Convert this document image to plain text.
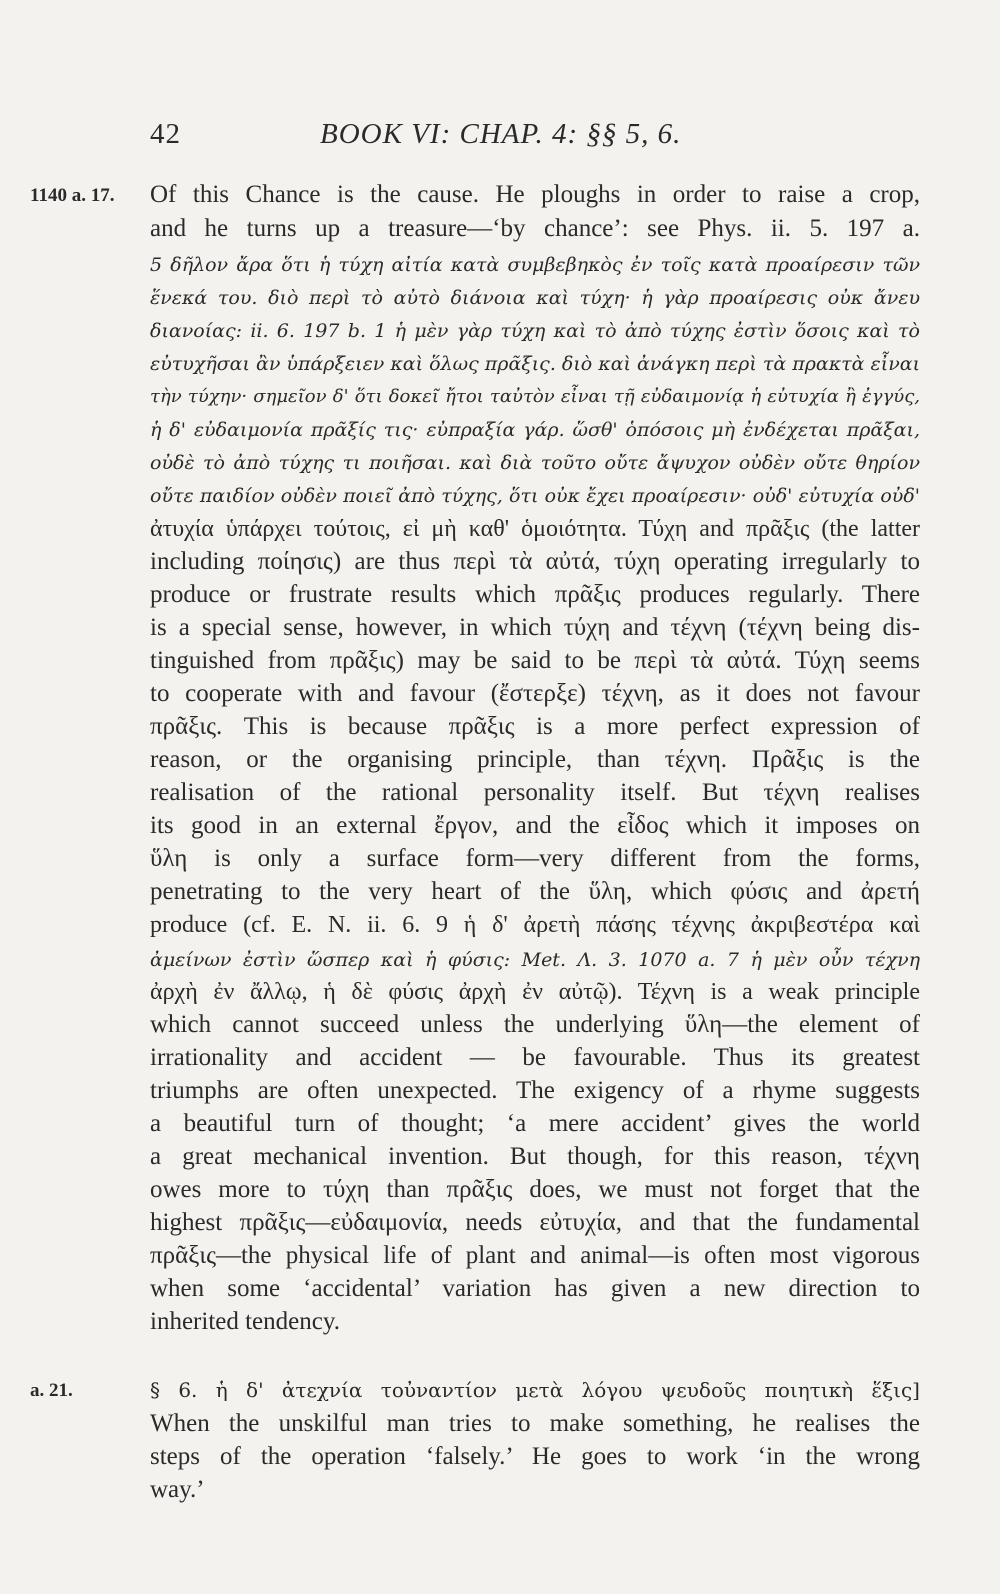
42	BOOK VI: CHAP. 4: §§ 5, 6.
1140 a. 17. Of this Chance is the cause. He ploughs in order to raise a crop,
and he turns up a treasure—‘by chance’: see Phys. ii. 5. 197 a.
5 δῆλον ἄρα ὅτι ἡ τύχη αἰτία κατὰ συμβεβηκὸς ἐν τοῖς κατὰ προαίρεσιν τῶν
ἕνεκά του. διὸ περὶ τὸ αὐτὸ διάνοια καὶ τύχη· ἡ γὰρ προαίρεσις οὐκ ἄνευ
διανοίας: ii. 6. 197 b. 1 ἡ μὲν γὰρ τύχη καὶ τὸ ἀπὸ τύχης ἐστὶν ὅσοις καὶ τὸ
εὐτυχῆσαι ἂν ὑπάρξειεν καὶ ὅλως πρᾶξις. διὸ καὶ ἀνάγκη περὶ τὰ πρακτὰ εἶναι
τὴν τύχην· σημεῖον δ' ὅτι δοκεῖ ἤτοι ταὐτὸν εἶναι τῇ εὐδαιμονίᾳ ἡ εὐτυχία ἢ ἐγγύς,
ἡ δ' εὐδαιμονία πρᾶξίς τις· εὐπραξία γάρ. ὥσθ' ὁπόσοις μὴ ἐνδέχεται πρᾶξαι,
οὐδὲ τὸ ἀπὸ τύχης τι ποιῆσαι. καὶ διὰ τοῦτο οὔτε ἄψυχον οὐδὲν οὔτε θηρίον
οὔτε παιδίον οὐδὲν ποιεῖ ἀπὸ τύχης, ὅτι οὐκ ἔχει προαίρεσιν· οὐδ' εὐτυχία οὐδ'
ἀτυχία ὑπάρχει τούτοις, εἰ μὴ καθ' ὁμοιότητα. Τύχη and πρᾶξις (the latter
including ποίησις) are thus περὶ τὰ αὐτά, τύχη operating irregularly to
produce or frustrate results which πρᾶξις produces regularly. There
is a special sense, however, in which τύχη and τέχνη (τέχνη being dis-
tinguished from πρᾶξις) may be said to be περὶ τὰ αὐτά. Τύχη seems
to cooperate with and favour (ἔστερξε) τέχνη, as it does not favour
πρᾶξις. This is because πρᾶξις is a more perfect expression of
reason, or the organising principle, than τέχνη. Πρᾶξις is the
realisation of the rational personality itself. But τέχνη realises
its good in an external ἔργον, and the εἶδος which it imposes on
ὕλη is only a surface form—very different from the forms,
penetrating to the very heart of the ὕλη, which φύσις and ἀρετή
produce (cf. E. N. ii. 6. 9 ἡ δ' ἀρετὴ πάσης τέχνης ἀκριβεστέρα καὶ
ἀμείνων ἐστὶν ὥσπερ καὶ ἡ φύσις: Met. Λ. 3. 1070 a. 7 ἡ μὲν οὖν τέχνη
ἀρχὴ ἐν ἄλλῳ, ἡ δὲ φύσις ἀρχὴ ἐν αὐτῷ). Τέχνη is a weak principle
which cannot succeed unless the underlying ὕλη—the element of
irrationality and accident — be favourable. Thus its greatest
triumphs are often unexpected. The exigency of a rhyme suggests
a beautiful turn of thought; ‘a mere accident’ gives the world
a great mechanical invention. But though, for this reason, τέχνη
owes more to τύχη than πρᾶξις does, we must not forget that the
highest πρᾶξις—εὐδαιμονία, needs εὐτυχία, and that the fundamental
πρᾶξις—the physical life of plant and animal—is often most vigorous
when some ‘accidental’ variation has given a new direction to
inherited tendency.
a. 21.	§ 6. ἡ δ' ἀτεχνία τοὐναντίον μετὰ λόγου ψευδοῦς ποιητικὴ ἕξις]
When the unskilful man tries to make something, he realises the
steps of the operation ‘falsely.’ He goes to work ‘in the wrong
way.’
